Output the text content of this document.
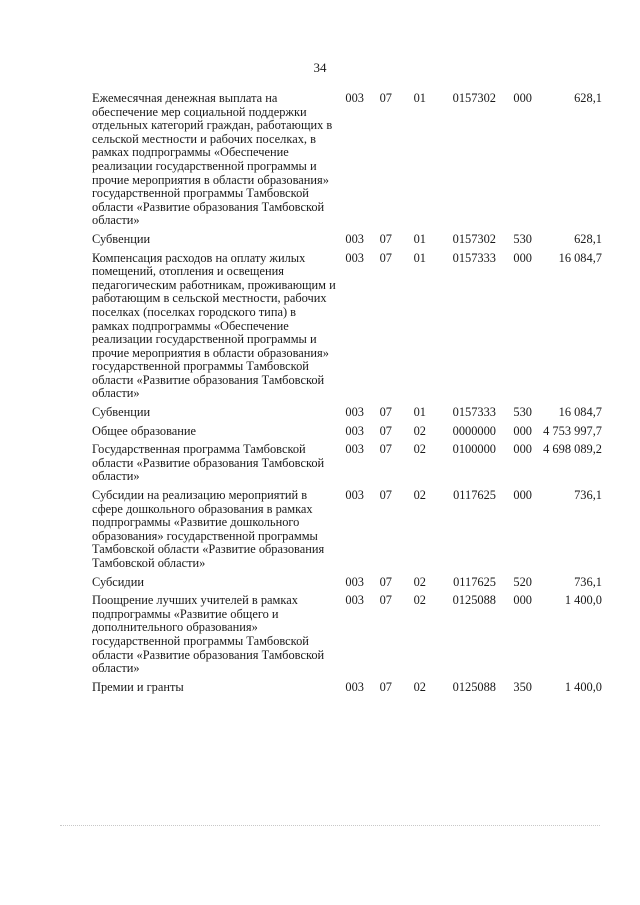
34
Ежемесячная денежная выплата на обеспечение мер социальной поддержки отдельных категорий граждан, работающих в сельской местности и рабочих поселках, в рамках подпрограммы «Обеспечение реализации государственной программы и прочие мероприятия в области образования» государственной программы Тамбовской области «Развитие образования Тамбовской области»	003	07	01	0157302	000	628,1
Субвенции	003	07	01	0157302	530	628,1
Компенсация расходов на оплату жилых помещений, отопления и освещения педагогическим работникам, проживающим и работающим в сельской местности, рабочих поселках (поселках городского типа) в рамках подпрограммы «Обеспечение реализации государственной программы и прочие мероприятия в области образования» государственной программы Тамбовской области «Развитие образования Тамбовской области»	003	07	01	0157333	000	16 084,7
Субвенции	003	07	01	0157333	530	16 084,7
Общее образование	003	07	02	0000000	000	4 753 997,7
Государственная программа Тамбовской области «Развитие образования Тамбовской области»	003	07	02	0100000	000	4 698 089,2
Субсидии на реализацию мероприятий в сфере дошкольного образования в рамках подпрограммы «Развитие дошкольного образования» государственной программы Тамбовской области «Развитие образования Тамбовской области»	003	07	02	0117625	000	736,1
Субсидии	003	07	02	0117625	520	736,1
Поощрение лучших учителей в рамках подпрограммы «Развитие общего и дополнительного образования» государственной программы Тамбовской области «Развитие образования Тамбовской области»	003	07	02	0125088	000	1 400,0
Премии и гранты	003	07	02	0125088	350	1 400,0
